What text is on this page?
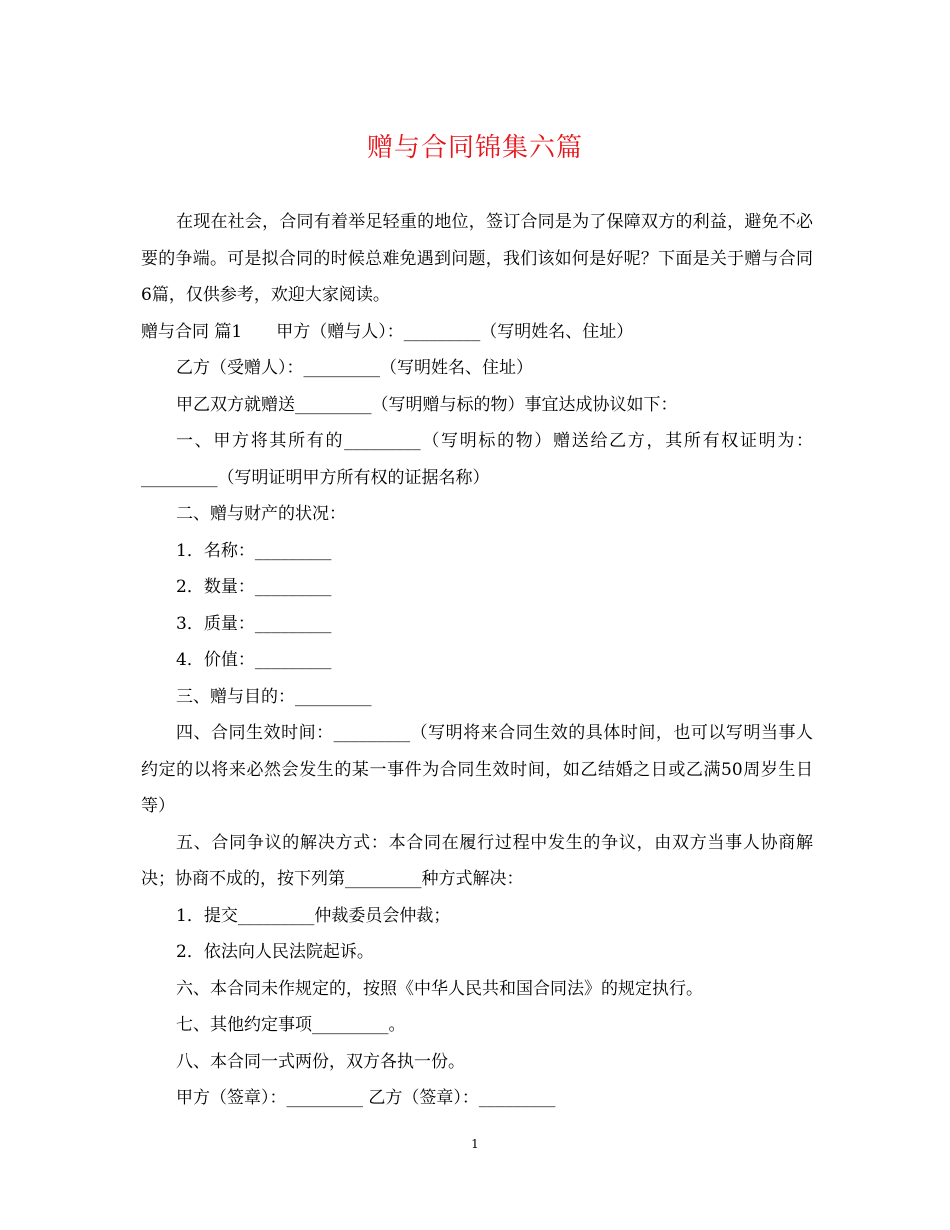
赠与合同锦集六篇

在现在社会，合同有着举足轻重的地位，签订合同是为了保障双方的利益，避免不必要的争端。可是拟合同的时候总难免遇到问题，我们该如何是好呢？下面是关于赠与合同6篇，仅供参考，欢迎大家阅读。

赠与合同 篇1　　甲方（赠与人）：_________（写明姓名、住址）

乙方（受赠人）：_________（写明姓名、住址）

甲乙双方就赠送_________（写明赠与标的物）事宜达成协议如下：

一、甲方将其所有的_________（写明标的物）赠送给乙方，其所有权证明为：_________（写明证明甲方所有权的证据名称）

二、赠与财产的状况：

1．名称：_________

2．数量：_________

3．质量：_________

4．价值：_________

三、赠与目的：_________

四、合同生效时间：_________（写明将来合同生效的具体时间，也可以写明当事人约定的以将来必然会发生的某一事件为合同生效时间，如乙结婚之日或乙满50周岁生日等）

五、合同争议的解决方式：本合同在履行过程中发生的争议，由双方当事人协商解决；协商不成的，按下列第_________种方式解决：

1．提交_________仲裁委员会仲裁；

2．依法向人民法院起诉。

六、本合同未作规定的，按照《中华人民共和国合同法》的规定执行。

七、其他约定事项_________。

八、本合同一式两份，双方各执一份。

甲方（签章）：_________ 乙方（签章）：_________

1
